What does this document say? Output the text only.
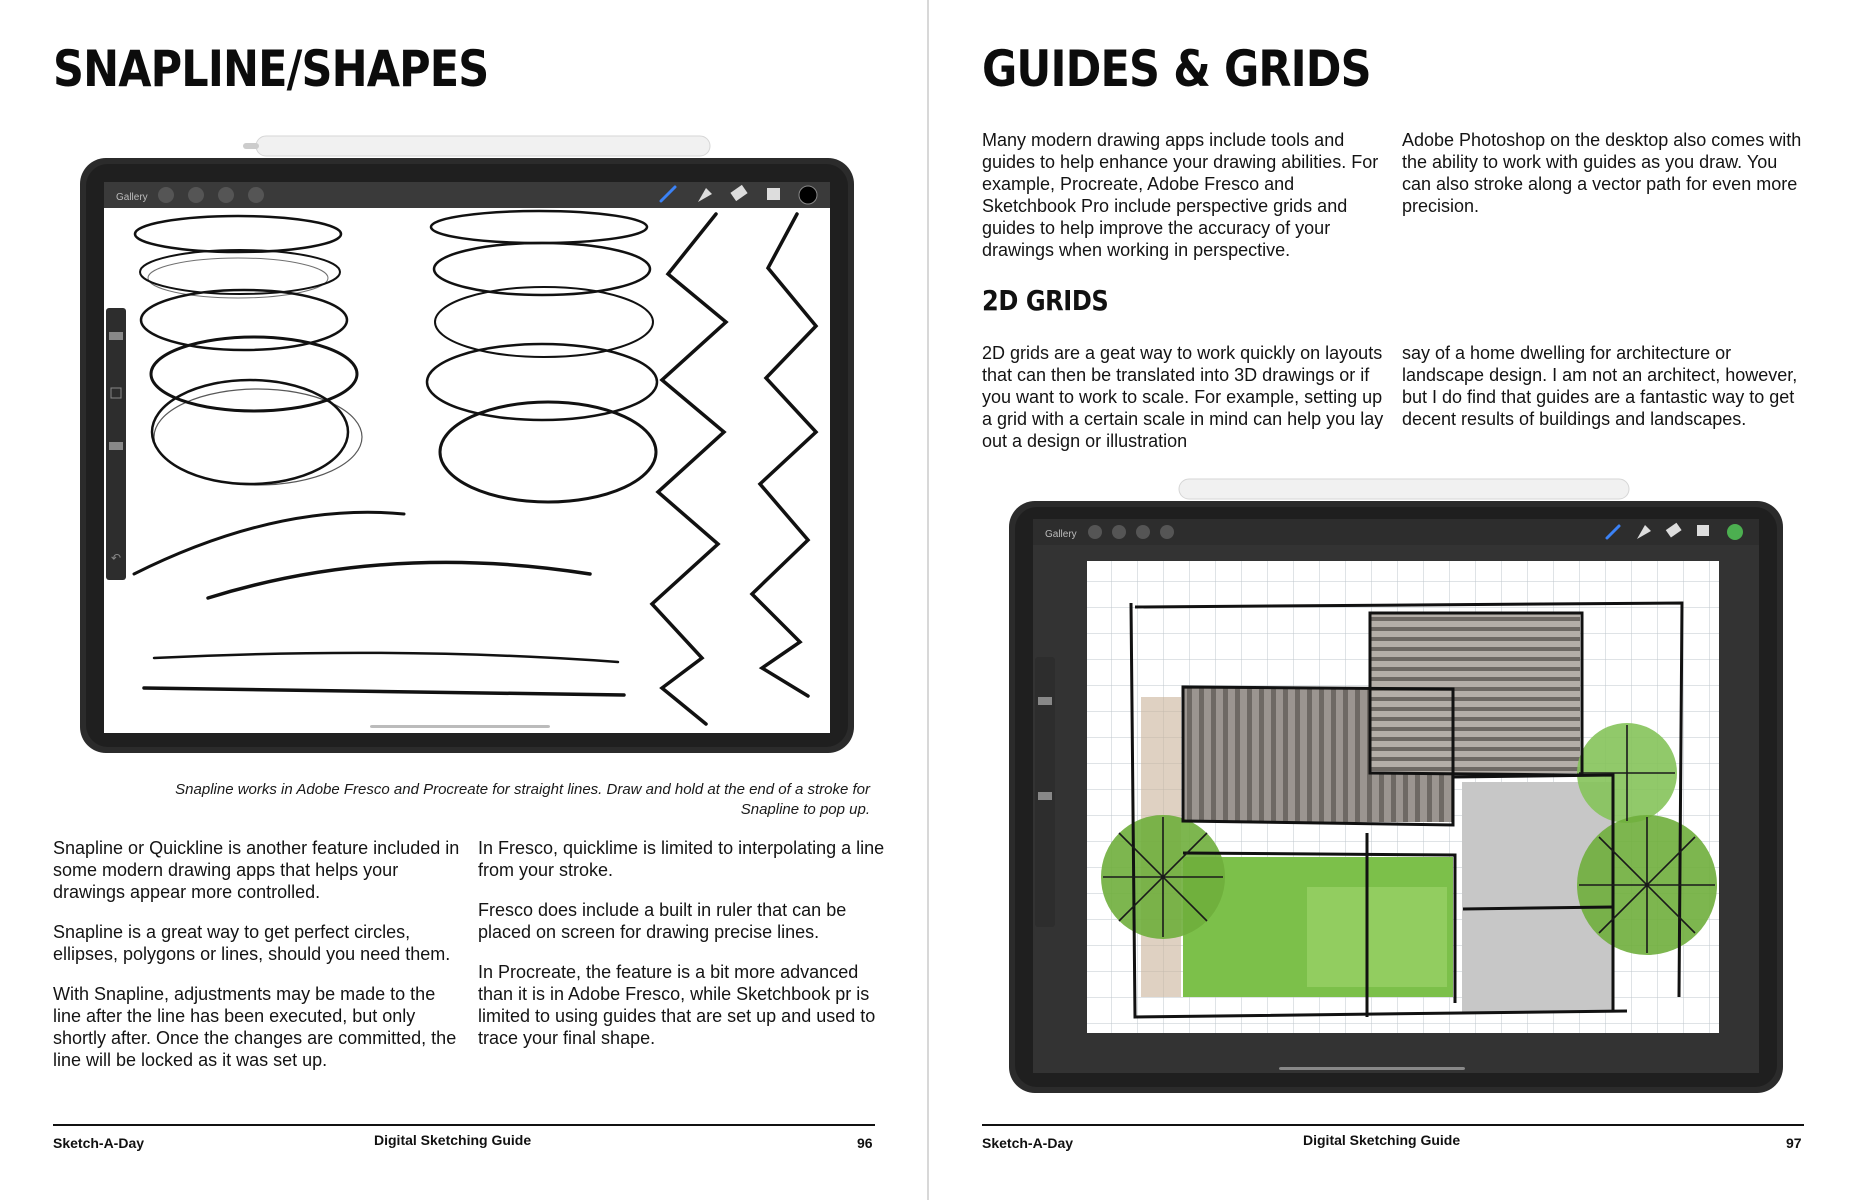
SNAPLINE/SHAPES
Gallery
↶
Snapline works in Adobe Fresco and Procreate for straight lines. Draw and hold at the end of a stroke for
Snapline to pop up.

Snapline or Quickline is another feature included in some modern drawing apps that helps your drawings appear more controlled.

Snapline is a great way to get perfect circles, ellipses, polygons or lines, should you need them.

With Snapline, adjustments may be made to the line after the line has been executed, but only shortly after. Once the changes are committed, the line will be locked as it was set up.

In Fresco, quicklime is limited to interpolating a line from your stroke.

Fresco does include a built in ruler that can be placed on screen for drawing precise lines.

In Procreate, the feature is a bit more advanced than it is in Adobe Fresco, while Sketchbook pr is limited to using guides that are set up and used to trace your final shape.

Sketch-A-Day	Digital Sketching Guide	96
GUIDES & GRIDS

Many modern drawing apps include tools and guides to help enhance your drawing abilities. For example, Procreate, Adobe Fresco and Sketchbook Pro include perspective grids and guides to help improve the accuracy of your drawings when working in perspective.

Adobe Photoshop on the desktop also comes with the ability to work with guides as you draw. You can also stroke along a vector path for even more precision.

2D GRIDS

2D grids are a geat way to work quickly on layouts that can then be translated into 3D drawings or if you want to work to scale. For example, setting up a grid with a certain scale in mind can help you lay out a design or illustration

say of a home dwelling for architecture or landscape design. I am not an architect, however, but I do find that guides are a fantastic way to get decent results of buildings and landscapes.

Gallery
Sketch-A-Day	Digital Sketching Guide	97
